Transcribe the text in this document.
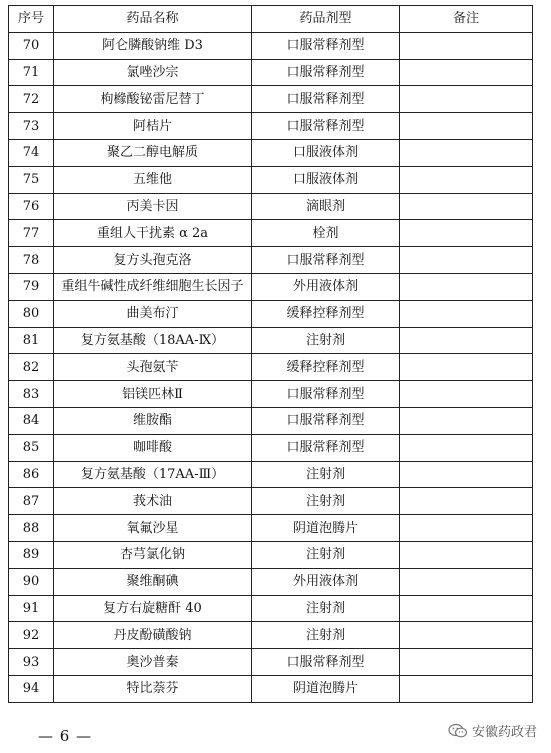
序号	药品名称	药品剂型	备注
70	阿仑膦酸钠维 D3	口服常释剂型	
71	氯唑沙宗	口服常释剂型	
72	枸橼酸铋雷尼替丁	口服常释剂型	
73	阿桔片	口服常释剂型	
74	聚乙二醇电解质	口服液体剂	
75	五维他	口服液体剂	
76	丙美卡因	滴眼剂	
77	重组人干扰素 α 2a	栓剂	
78	复方头孢克洛	口服常释剂型	
79	重组牛碱性成纤维细胞生长因子	外用液体剂	
80	曲美布汀	缓释控释剂型	
81	复方氨基酸（18AA-Ⅸ）	注射剂	
82	头孢氨苄	缓释控释剂型	
83	铝镁匹林Ⅱ	口服常释剂型	
84	维胺酯	口服常释剂型	
85	咖啡酸	口服常释剂型	
86	复方氨基酸（17AA-Ⅲ）	注射剂	
87	莪术油	注射剂	
88	氧氟沙星	阴道泡腾片	
89	杏芎氯化钠	注射剂	
90	聚维酮碘	外用液体剂	
91	复方右旋糖酐 40	注射剂	
92	丹皮酚磺酸钠	注射剂	
93	奥沙普秦	口服常释剂型	
94	特比萘芬	阴道泡腾片	
— 6 —	安徽药政君
